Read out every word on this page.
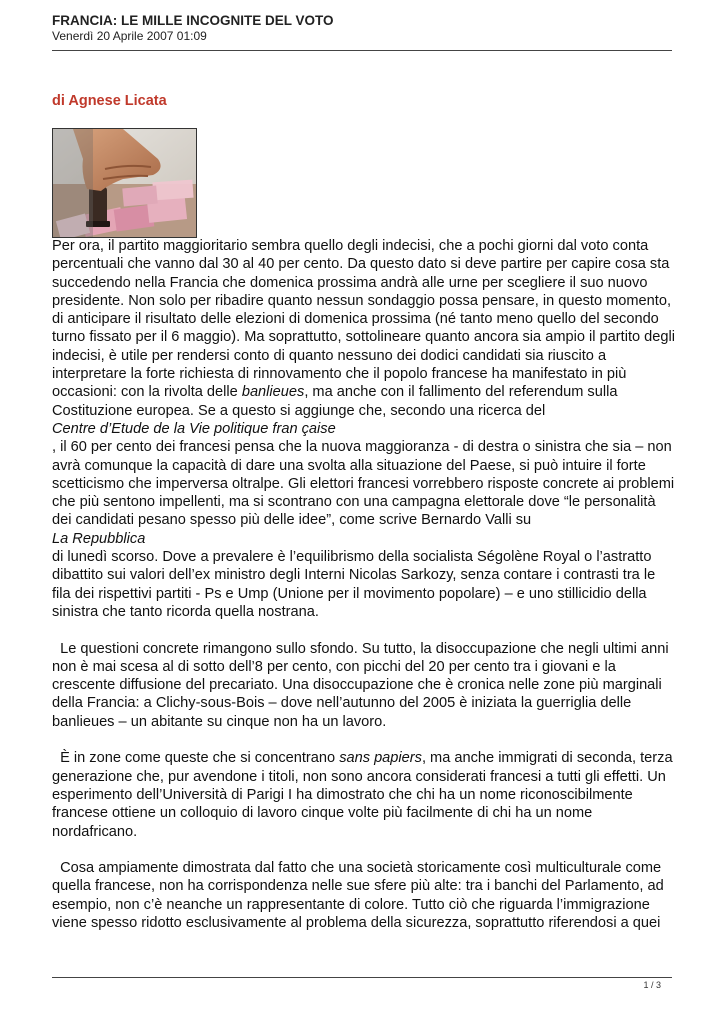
FRANCIA: LE MILLE INCOGNITE DEL VOTO
Venerdì 20 Aprile 2007 01:09
di Agnese Licata

Per ora, il partito maggioritario sembra quello degli indecisi, che a pochi giorni dal voto conta percentuali che vanno dal 30 al 40 per cento. Da questo dato si deve partire per capire cosa sta succedendo nella Francia che domenica prossima andrà alle urne per scegliere il suo nuovo presidente. Non solo per ribadire quanto nessun sondaggio possa pensare, in questo momento, di anticipare il risultato delle elezioni di domenica prossima (né tanto meno quello del secondo turno fissato per il 6 maggio). Ma soprattutto, sottolineare quanto ancora sia ampio il partito degli indecisi, è utile per rendersi conto di quanto nessuno dei dodici candidati sia riuscito a interpretare la forte richiesta di rinnovamento che il popolo francese ha manifestato in più occasioni: con la rivolta delle banlieues, ma anche con il fallimento del referendum sulla Costituzione europea. Se a questo si aggiunge che, secondo una ricerca del

Centre d’Etude de la Vie politique fran çaise

, il 60 per cento dei francesi pensa che la nuova maggioranza - di destra o sinistra che sia – non avrà comunque la capacità di dare una svolta alla situazione del Paese, si può intuire il forte scetticismo che imperversa oltralpe. Gli elettori francesi vorrebbero risposte concrete ai problemi che più sentono impellenti, ma si scontrano con una campagna elettorale dove “le personalità dei candidati pesano spesso più delle idee”, come scrive Bernardo Valli su

La Repubblica

di lunedì scorso. Dove a prevalere è l’equilibrismo della socialista Ségolène Royal o l’astratto dibattito sui valori dell’ex ministro degli Interni Nicolas Sarkozy, senza contare i contrasti tra le fila dei rispettivi partiti - Ps e Ump (Unione per il movimento popolare) – e uno stillicidio della sinistra che tanto ricorda quella nostrana.

Le questioni concrete rimangono sullo sfondo. Su tutto, la disoccupazione che negli ultimi anni non è mai scesa al di sotto dell’8 per cento, con picchi del 20 per cento tra i giovani e la crescente diffusione del precariato. Una disoccupazione che è cronica nelle zone più marginali della Francia: a Clichy-sous-Bois – dove nell’autunno del 2005 è iniziata la guerriglia delle banlieues – un abitante su cinque non ha un lavoro.

È in zone come queste che si concentrano sans papiers, ma anche immigrati di seconda, terza generazione che, pur avendone i titoli, non sono ancora considerati francesi a tutti gli effetti. Un esperimento dell’Università di Parigi I ha dimostrato che chi ha un nome riconoscibilmente francese ottiene un colloquio di lavoro cinque volte più facilmente di chi ha un nome nordafricano.

Cosa ampiamente dimostrata dal fatto che una società storicamente così multiculturale come quella francese, non ha corrispondenza nelle sue sfere più alte: tra i banchi del Parlamento, ad esempio, non c’è neanche un rappresentante di colore. Tutto ciò che riguarda l’immigrazione viene spesso ridotto esclusivamente al problema della sicurezza, soprattutto riferendosi a quei

1 / 3
